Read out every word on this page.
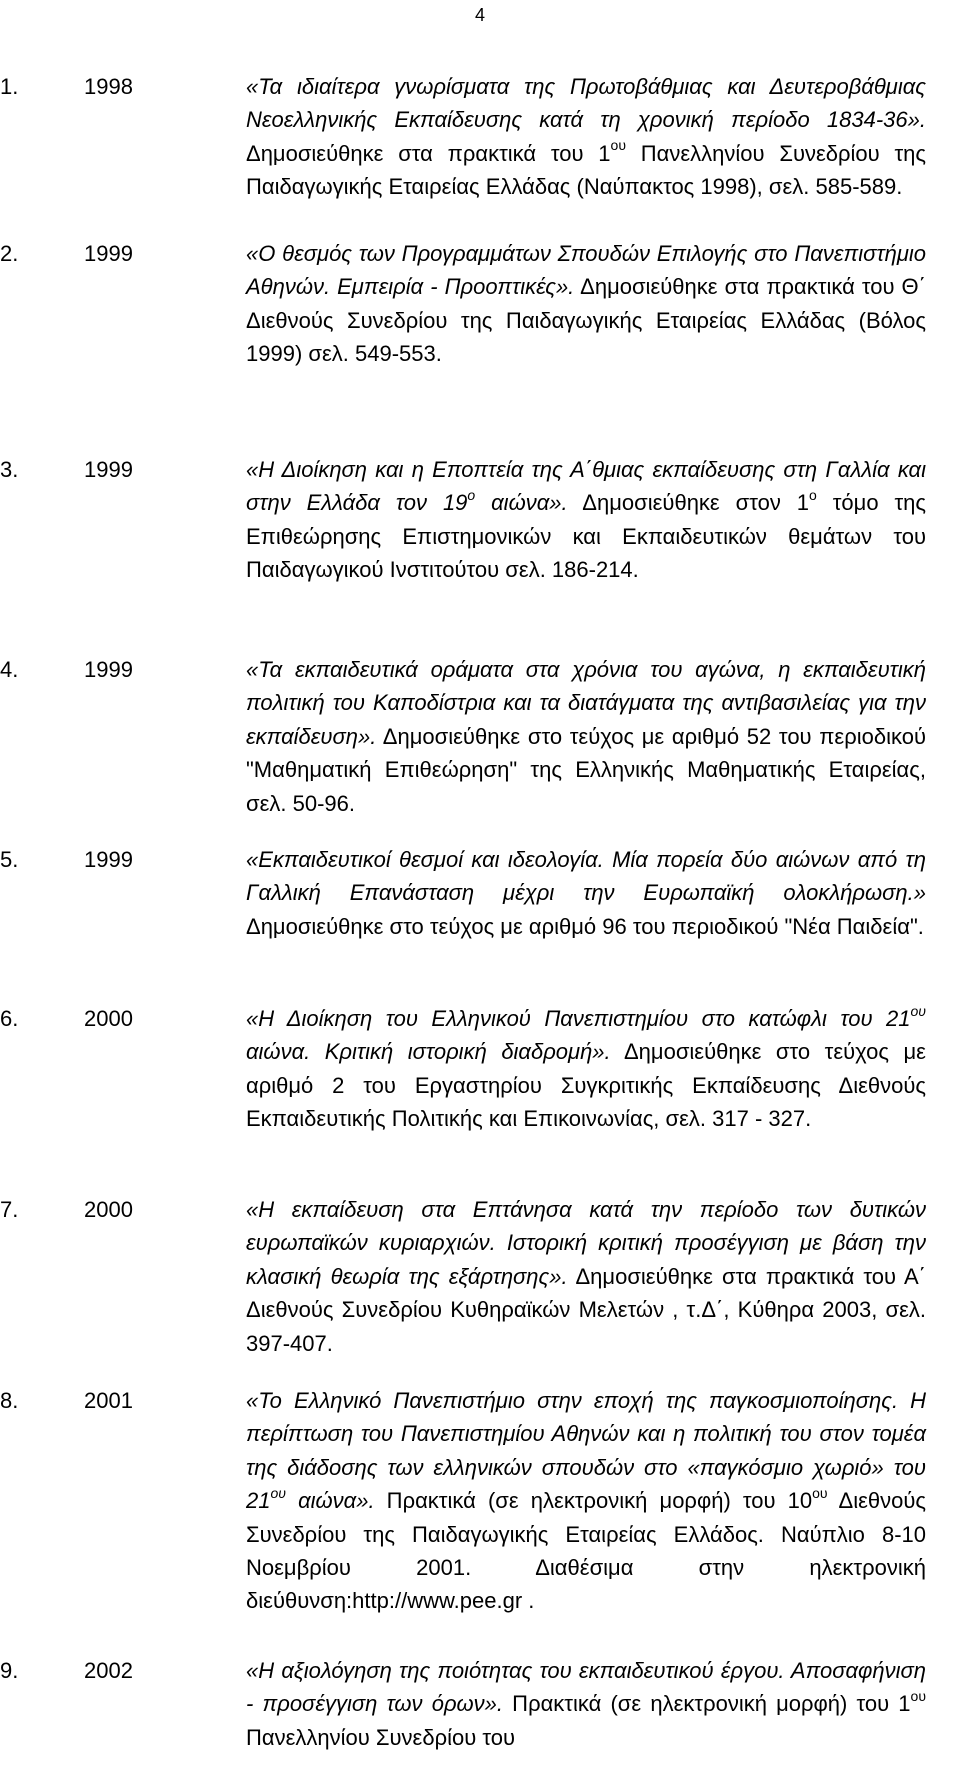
4
1.	1998	«Τα ιδιαίτερα γνωρίσματα της Πρωτοβάθμιας και Δευτεροβάθμιας Νεοελληνικής Εκπαίδευσης κατά τη χρονική περίοδο 1834-36». Δημοσιεύθηκε στα πρακτικά του $1^{o\upsilon}$ Πανελληνίου Συνεδρίου της Παιδαγωγικής Εταιρείας Ελλάδας (Ναύπακτος 1998), σελ. 585-589.
2.	1999	«Ο θεσμός των Προγραμμάτων Σπουδών Επιλογής στο Πανεπιστήμιο Αθηνών. Εμπειρία - Προοπτικές». Δημοσιεύθηκε στα πρακτικά του Θ΄ Διεθνούς Συνεδρίου της Παιδαγωγικής Εταιρείας Ελλάδας (Βόλος 1999) σελ. 549-553.
3.	1999	«Η Διοίκηση και η Εποπτεία της Α΄θμιας εκπαίδευσης στη Γαλλία και στην Ελλάδα τον $19^o$ αιώνα». Δημοσιεύθηκε στον $1^o$ τόμο της Επιθεώρησης Επιστημονικών και Εκπαιδευτικών θεμάτων του Παιδαγωγικού Ινστιτούτου σελ. 186-214.
4.	1999	«Τα εκπαιδευτικά οράματα στα χρόνια του αγώνα, η εκπαιδευτική πολιτική του Καποδίστρια και τα διατάγματα της αντιβασιλείας για την εκπαίδευση». Δημοσιεύθηκε στο τεύχος με αριθμό 52 του περιοδικού "Μαθηματική Επιθεώρηση" της Ελληνικής Μαθηματικής Εταιρείας, σελ. 50-96.
5.	1999	«Εκπαιδευτικοί θεσμοί και ιδεολογία. Μία πορεία δύο αιώνων από τη Γαλλική Επανάσταση μέχρι την Ευρωπαϊκή ολοκλήρωση.» Δημοσιεύθηκε στο τεύχος με αριθμό 96 του περιοδικού "Νέα Παιδεία".
6.	2000	«Η Διοίκηση του Ελληνικού Πανεπιστημίου στο κατώφλι του $21^{o\upsilon}$ αιώνα. Κριτική ιστορική διαδρομή». Δημοσιεύθηκε στο τεύχος με αριθμό 2 του Εργαστηρίου Συγκριτικής Εκπαίδευσης Διεθνούς Εκπαιδευτικής Πολιτικής και Επικοινωνίας, σελ. 317 - 327.
7.	2000	«Η εκπαίδευση στα Επτάνησα κατά την περίοδο των δυτικών ευρωπαϊκών κυριαρχιών. Ιστορική κριτική προσέγγιση με βάση την κλασική θεωρία της εξάρτησης». Δημοσιεύθηκε στα πρακτικά του Α΄ Διεθνούς Συνεδρίου Κυθηραϊκών Μελετών , τ.Δ΄, Κύθηρα 2003, σελ. 397-407.
8.	2001	«Το Ελληνικό Πανεπιστήμιο στην εποχή της παγκοσμιοποίησης. Η περίπτωση του Πανεπιστημίου Αθηνών και η πολιτική του στον τομέα της διάδοσης των ελληνικών σπουδών στο «παγκόσμιο χωριό» του $21^{o\upsilon}$ αιώνα». Πρακτικά (σε ηλεκτρονική μορφή) του $10^{o\upsilon}$ Διεθνούς Συνεδρίου της Παιδαγωγικής Εταιρείας Ελλάδος. Ναύπλιο 8-10 Νοεμβρίου 2001. Διαθέσιμα στην ηλεκτρονική διεύθυνση:http://www.pee.gr .
9.	2002	«Η αξιολόγηση της ποιότητας του εκπαιδευτικού έργου. Αποσαφήνιση - προσέγγιση των όρων». Πρακτικά (σε ηλεκτρονική μορφή) του $1^{o\upsilon}$ Πανελληνίου Συνεδρίου του
